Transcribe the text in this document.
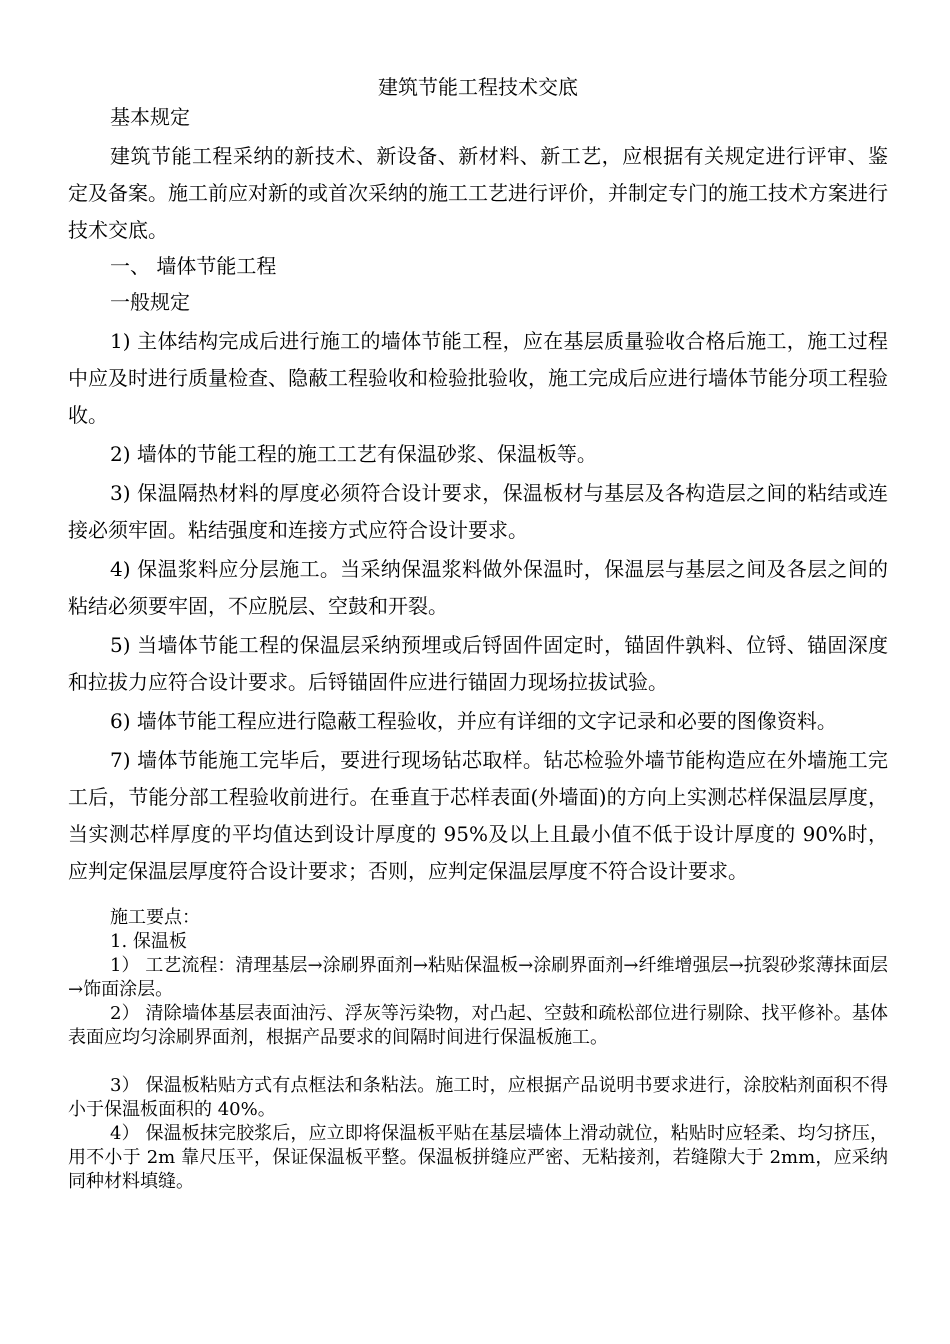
建筑节能工程技术交底

基本规定

建筑节能工程采纳的新技术、新设备、新材料、新工艺，应根据有关规定进行评审、鉴定及备案。施工前应对新的或首次采纳的施工工艺进行评价，并制定专门的施工技术方案进行技术交底。

一、 墙体节能工程

一般规定

1) 主体结构完成后进行施工的墙体节能工程，应在基层质量验收合格后施工，施工过程中应及时进行质量检查、隐蔽工程验收和检验批验收，施工完成后应进行墙体节能分项工程验收。

2) 墙体的节能工程的施工工艺有保温砂浆、保温板等。

3) 保温隔热材料的厚度必须符合设计要求，保温板材与基层及各构造层之间的粘结或连接必须牢固。粘结强度和连接方式应符合设计要求。

4) 保温浆料应分层施工。当采纳保温浆料做外保温时，保温层与基层之间及各层之间的粘结必须要牢固，不应脱层、空鼓和开裂。

5) 当墙体节能工程的保温层采纳预埋或后锊固件固定时，锚固件孰料、位锊、锚固深度和拉拔力应符合设计要求。后锊锚固件应进行锚固力现场拉拔试验。

6) 墙体节能工程应进行隐蔽工程验收，并应有详细的文字记录和必要的图像资料。

7) 墙体节能施工完毕后，要进行现场钻芯取样。钻芯检验外墙节能构造应在外墙施工完工后，节能分部工程验收前进行。在垂直于芯样表面(外墙面)的方向上实测芯样保温层厚度，当实测芯样厚度的平均值达到设计厚度的 95%及以上且最小值不低于设计厚度的 90%时，应判定保温层厚度符合设计要求；否则，应判定保温层厚度不符合设计要求。

施工要点：

1. 保温板

1） 工艺流程：清理基层→涂刷界面剂→粘贴保温板→涂刷界面剂→纤维增强层→抗裂砂浆薄抹面层→饰面涂层。

2） 清除墙体基层表面油污、浮灰等污染物，对凸起、空鼓和疏松部位进行剔除、找平修补。基体表面应均匀涂刷界面剂，根据产品要求的间隔时间进行保温板施工。

3） 保温板粘贴方式有点框法和条粘法。施工时，应根据产品说明书要求进行，涂胶粘剂面积不得小于保温板面积的 40%。

4） 保温板抹完胶浆后，应立即将保温板平贴在基层墙体上滑动就位，粘贴时应轻柔、均匀挤压，用不小于 2m 靠尺压平，保证保温板平整。保温板拼缝应严密、无粘接剂，若缝隙大于 2mm，应采纳同种材料填缝。
